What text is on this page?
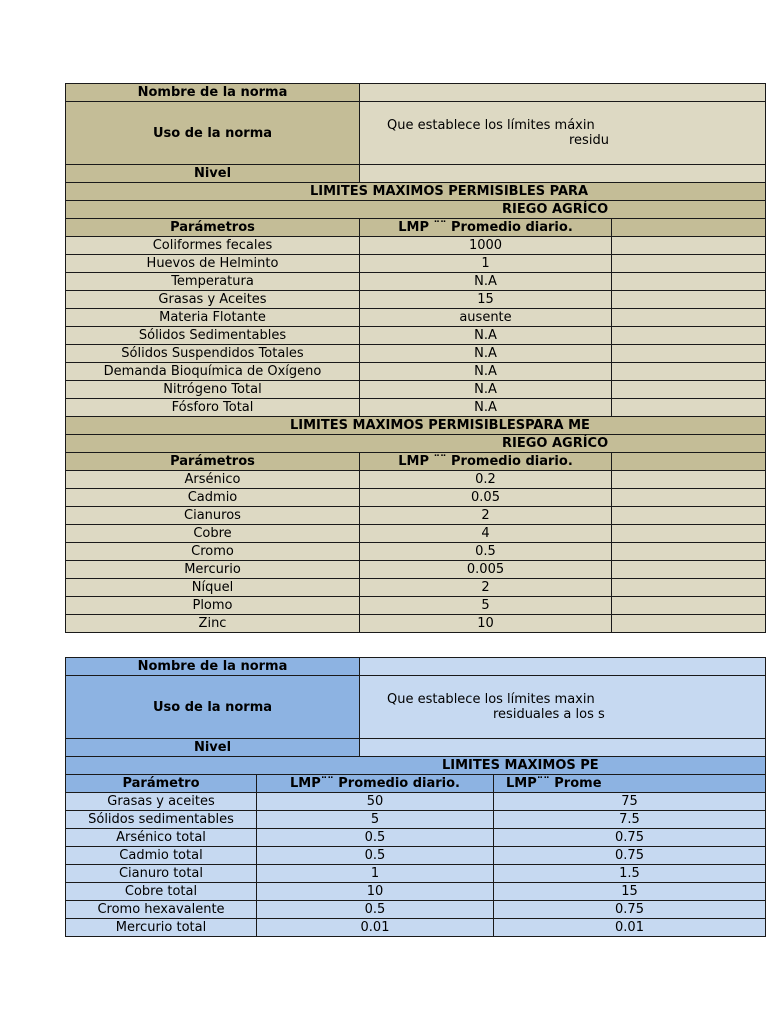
Nombre de la norma		
Uso de la norma	Que establece los límites máxin
residu	

Nivel		
LIMITES MAXIMOS PERMISIBLES PARA		
RIEGO AGRÍCO		
Parámetros	LMP ¨¨ Promedio diario.	
Coliformes fecales	1000	
Huevos de Helminto	1	
Temperatura	N.A	
Grasas y Aceites	15	
Materia Flotante	ausente	
Sólidos Sedimentables	N.A	
Sólidos Suspendidos Totales	N.A	
Demanda Bioquímica de Oxígeno	N.A	
Nitrógeno Total	N.A	
Fósforo Total	N.A	
LIMITES MAXIMOS PERMISIBLESPARA ME		
RIEGO AGRÍCO		
Parámetros	LMP ¨¨ Promedio diario.	
Arsénico	0.2	
Cadmio	0.05	
Cianuros	2	
Cobre	4	
Cromo	0.5	
Mercurio	0.005	
Níquel	2	
Plomo	5	
Zinc	10	
Nombre de la norma			
Uso de la norma		Que establece los límites maxin
residuales a los s	

Nivel			
LIMITES MAXIMOS PE			
Parámetro	LMP¨¨ Promedio diario.		LMP¨¨ Prome
Grasas y aceites	50		75
Sólidos sedimentables	5		7.5
Arsénico total	0.5		0.75
Cadmio total	0.5		0.75
Cianuro total	1		1.5
Cobre total	10		15
Cromo hexavalente	0.5		0.75
Mercurio total	0.01		0.01
